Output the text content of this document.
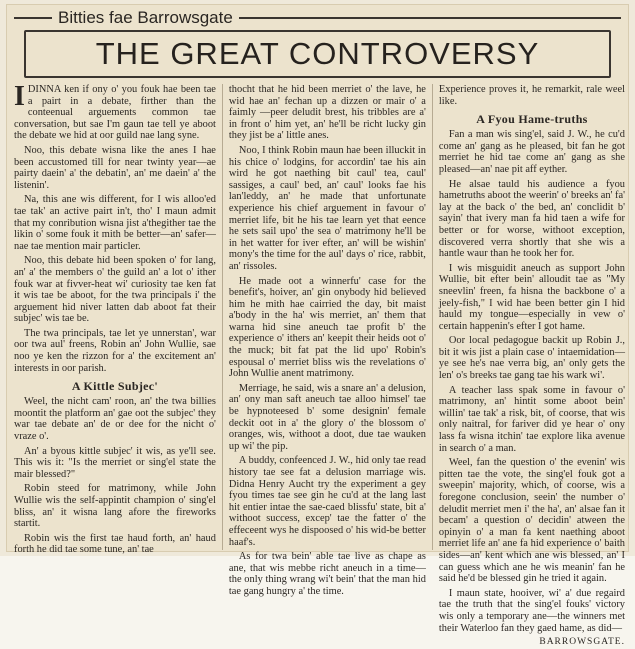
Bitties fae Barrowsgate
THE GREAT CONTROVERSY

IDINNA ken if ony o' you fouk hae been tae a pairt in a debate, firther than the conteenual arguements common tae conversation, but sae I'm gaun tae tell ye aboot the debate we hid at oor guild nae lang syne.

Noo, this debate wisna like the anes I hae been accustomed till for near twinty year—ae pairty daein' a' the debatin', an' me daein' a' the listenin'.

Na, this ane wis different, for I wis alloo'ed tae tak' an active pairt in't, tho' I maun admit that my conribution wisna jist a'thegither tae the likin o' some fouk it mith be better—an' safer—nae tae mention mair particler.

Noo, this debate hid been spoken o' for lang, an' a' the members o' the guild an' a lot o' ither fouk war at fivver-heat wi' curiosity tae ken fat it wis tae be aboot, for the twa principals i' the arguement hid niver latten dab aboot fat their subjec' wis tae be.

The twa principals, tae let ye unnerstan', war oor twa aul' freens, Robin an' John Wullie, sae noo ye ken the rizzon for a' the excitement an' interests in oor parish.

A Kittle Subjec'

Weel, the nicht cam' roon, an' the twa billies moontit the platform an' gae oot the subjec' they war tae debate an' de or dee for the nicht o' vraze o'.

An' a byous kittle subjec' it wis, as ye'll see. This wis it: "Is the merriet or sing'el state the mair blessed?"

Robin steed for matrimony, while John Wullie wis the self-appintit champion o' sing'el bliss, an' it wisna lang afore the fireworks startit.

Robin wis the first tae haud forth, an' haud forth he did tae some tune, an' tae

thocht that he hid been merriet o' the lave, he wid hae an' fechan up a dizzen or mair o' a faimly —peer deludit brest, his tribbles are a' in front o' him yet, an' he'll be richt lucky gin they jist be a' little anes.

Noo, I think Robin maun hae been illuckit in his chice o' lodgins, for accordin' tae his ain wird he got naething bit caul' tea, caul' sassiges, a caul' bed, an' caul' looks fae his lan'leddy, an' he made that unfortunate experience his chief arguement in favour o' merriet life, bit he his tae learn yet that eence he sets sail upo' the sea o' matrimony he'll be in het watter for iver efter, an' will be wishin' mony's the time for the aul' days o' rice, rabbit, an' rissoles.

He made oot a winnerfu' case for the benefit's, hoiver, an' gin onybody hid believed him he mith hae cairried the day, bit maist a'body in the ha' wis merriet, an' them that warna hid sine aneuch tae profit b' the experience o' ithers an' keepit their heids oot o' the muck; bit fat pat the lid upo' Robin's espousal o' merriet bliss wis the revelations o' John Wullie anent matrimony.

Merriage, he said, wis a snare an' a delusion, an' ony man saft aneuch tae alloo himsel' tae be hypnoteesed b' some designin' female deckit oot in a' the glory o' the blossom o' oranges, wis, withoot a doot, due tae wauken up wi' the pip.

A buddy, confeenced J. W., hid only tae read history tae see fat a delusion marriage wis. Didna Henry Aucht try the experiment a gey fyou times tae see gin he cu'd at the lang last hit entier intae the sae-caed blissfu' state, bit a' withoot success, excep' tae the fatter o' the effeceent wys he dispoosed o' his wid-be better haaf's.

As for twa bein' able tae live as chape as ane, that wis mebbe richt aneuch in a time—the only thing wrang wi't bein' that the man hid tae gang hungry a' the time.

Experience proves it, he remarkit, rale weel like.

A Fyou Hame-truths

Fan a man wis sing'el, said J. W., he cu'd come an' gang as he pleased, bit fan he got merriet he hid tae come an' gang as she pleased—an' nae pit aff eyther.

He alsae tauld his audience a fyou hametruths aboot the weerin' o' breeks an' fa' lay at the back o' the bed, an' conclidit b' sayin' that ivery man fa hid taen a wife for better or for worse, withoot exception, discovered verra shortly that she wis a hantle waur than he took her for.

I wis misguidit aneuch as support John Wullie, bit efter bein' alloudit tae as "My sneevlin' freen, fa hisna the backbone o' a jeely-fish," I wid hae been better gin I hid hauld my tongue—especially in vew o' certain happenin's efter I got hame.

Oor local pedagogue backit up Robin J., bit it wis jist a plain case o' intaemidation—ye see he's nae verra big, an' only gets the len' o's breeks tae gang tae his wark wi'.

A teacher lass spak some in favour o' matrimony, an' hintit some aboot bein' willin' tae tak' a risk, bit, of coorse, that wis only naitral, for fariver did ye hear o' ony lass fa wisna itchin' tae explore lika avenue in search o' a man.

Weel, fan the question o' the evenin' wis pitten tae the vote, the sing'el fouk got a sweepin' majority, which, of coorse, wis a foregone conclusion, seein' the number o' deludit merriet men i' the ha', an' alsae fan it becam' a question o' decidin' atween the opinyin o' a man fa kent naething aboot merriet life an' ane fa hid experience o' baith sides—an' kent which ane wis blessed, an' I can guess which ane he wis meanin' fan he said he'd be blessed gin he tried it again.

I maun state, hooiver, wi' a' due regaird tae the truth that the sing'el fouks' victory wis only a temporary ane—the winners met their Waterloo fan they gaed hame, as did—

BARROWSGATE.
